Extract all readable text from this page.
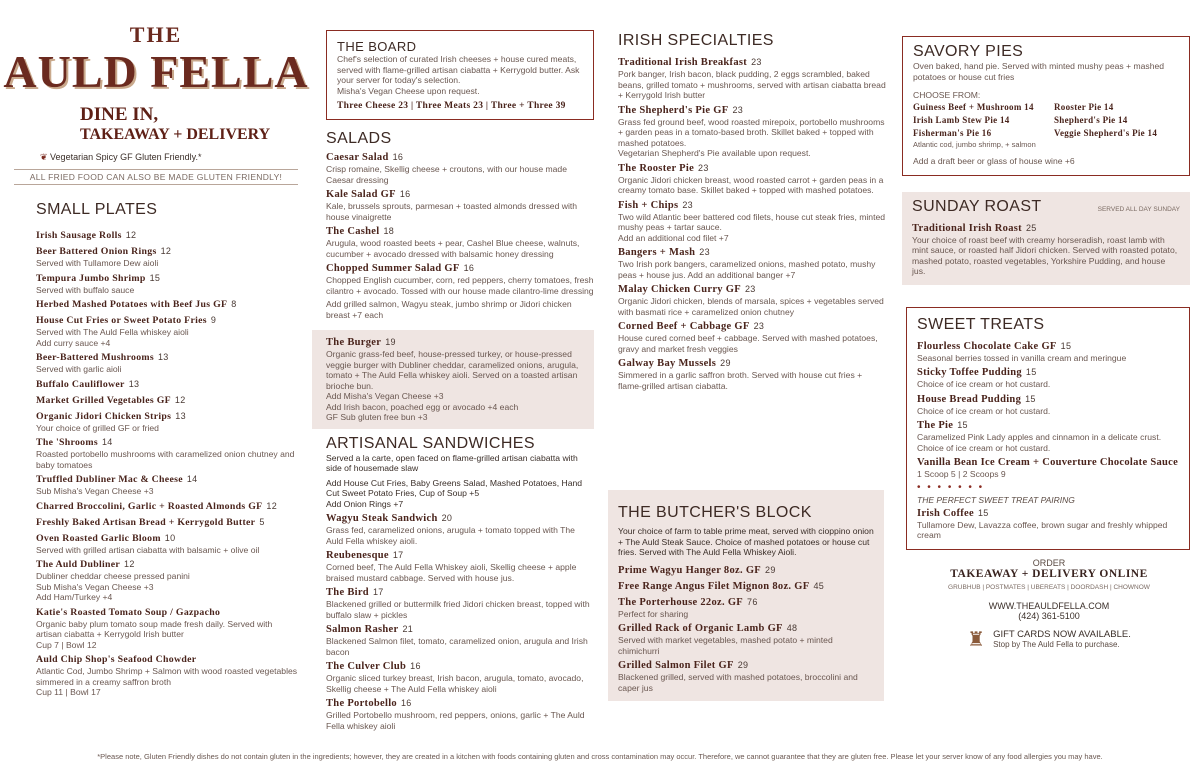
THE
AULD FELLA
DINE IN,
TAKEAWAY + DELIVERY
❦ Vegetarian Spicy GF Gluten Friendly.*
ALL FRIED FOOD CAN ALSO BE MADE GLUTEN FRIENDLY!
SMALL PLATES
Irish Sausage Rolls 12
Beer Battered Onion Rings 12
Served with Tullamore Dew aioli
Tempura Jumbo Shrimp 15
Served with buffalo sauce
Herbed Mashed Potatoes with Beef Jus GF 8
House Cut Fries or Sweet Potato Fries 9
Served with The Auld Fella whiskey aioli
Add curry sauce +4
Beer-Battered Mushrooms 13
Served with garlic aioli
Buffalo Cauliflower 13
Market Grilled Vegetables GF 12
Organic Jidori Chicken Strips 13
Your choice of grilled GF or fried
The 'Shrooms 14
Roasted portobello mushrooms with caramelized onion chutney and baby tomatoes
Truffled Dubliner Mac & Cheese 14
Sub Misha's Vegan Cheese +3
Charred Broccolini, Garlic + Roasted Almonds GF 12
Freshly Baked Artisan Bread + Kerrygold Butter 5
Oven Roasted Garlic Bloom 10
Served with grilled artisan ciabatta with balsamic + olive oil
The Auld Dubliner 12
Dubliner cheddar cheese pressed panini
Sub Misha's Vegan Cheese +3
Add Ham/Turkey +4
Katie's Roasted Tomato Soup / Gazpacho
Organic baby plum tomato soup made fresh daily. Served with artisan ciabatta + Kerrygold Irish butter
Cup 7 | Bowl 12
Auld Chip Shop's Seafood Chowder
Atlantic Cod, Jumbo Shrimp + Salmon with wood roasted vegetables simmered in a creamy saffron broth
Cup 11 | Bowl 17
THE BOARD
Chef's selection of curated Irish cheeses + house cured meats, served with flame-grilled artisan ciabatta + Kerrygold butter. Ask your server for today's selection.
Misha's Vegan Cheese upon request.
Three Cheese 23 | Three Meats 23 | Three + Three 39
SALADS
Caesar Salad 16
Crisp romaine, Skellig cheese + croutons, with our house made Caesar dressing
Kale Salad GF 16
Kale, brussels sprouts, parmesan + toasted almonds dressed with house vinaigrette
The Cashel 18
Arugula, wood roasted beets + pear, Cashel Blue cheese, walnuts, cucumber + avocado dressed with balsamic honey dressing
Chopped Summer Salad GF 16
Chopped English cucumber, corn, red peppers, cherry tomatoes, fresh cilantro + avocado. Tossed with our house made cilantro-lime dressing
Add grilled salmon, Wagyu steak, jumbo shrimp or Jidori chicken breast +7 each
The Burger 19
Organic grass-fed beef, house-pressed turkey, or house-pressed veggie burger with Dubliner cheddar, caramelized onions, arugula, tomato + The Auld Fella whiskey aioli. Served on a toasted artisan brioche bun.
Add Misha's Vegan Cheese +3
Add Irish bacon, poached egg or avocado +4 each
GF Sub gluten free bun +3
ARTISANAL SANDWICHES
Served a la carte, open faced on flame-grilled artisan ciabatta with side of housemade slaw
Add House Cut Fries, Baby Greens Salad, Mashed Potatoes, Hand Cut Sweet Potato Fries, Cup of Soup +5
Add Onion Rings +7
Wagyu Steak Sandwich 20
Grass fed, caramelized onions, arugula + tomato topped with The Auld Fella whiskey aioli.
Reubenesque 17
Corned beef, The Auld Fella Whiskey aioli, Skellig cheese + apple braised mustard cabbage. Served with house jus.
The Bird 17
Blackened grilled or buttermilk fried Jidori chicken breast, topped with buffalo slaw + pickles
Salmon Rasher 21
Blackened Salmon filet, tomato, caramelized onion, arugula and Irish bacon
The Culver Club 16
Organic sliced turkey breast, Irish bacon, arugula, tomato, avocado, Skellig cheese + The Auld Fella whiskey aioli
The Portobello 16
Grilled Portobello mushroom, red peppers, onions, garlic + The Auld Fella whiskey aioli
IRISH SPECIALTIES
Traditional Irish Breakfast 23
Pork banger, Irish bacon, black pudding, 2 eggs scrambled, baked beans, grilled tomato + mushrooms, served with artisan ciabatta bread + Kerrygold Irish butter
The Shepherd's Pie GF 23
Grass fed ground beef, wood roasted mirepoix, portobello mushrooms + garden peas in a tomato-based broth. Skillet baked + topped with mashed potatoes.
Vegetarian Shepherd's Pie available upon request.
The Rooster Pie 23
Organic Jidori chicken breast, wood roasted carrot + garden peas in a creamy tomato base. Skillet baked + topped with mashed potatoes.
Fish + Chips 23
Two wild Atlantic beer battered cod filets, house cut steak fries, minted mushy peas + tartar sauce.
Add an additional cod filet +7
Bangers + Mash 23
Two Irish pork bangers, caramelized onions, mashed potato, mushy peas + house jus. Add an additional banger +7
Malay Chicken Curry GF 23
Organic Jidori chicken, blends of marsala, spices + vegetables served with basmati rice + caramelized onion chutney
Corned Beef + Cabbage GF 23
House cured corned beef + cabbage. Served with mashed potatoes, gravy and market fresh veggies
Galway Bay Mussels 29
Simmered in a garlic saffron broth. Served with house cut fries + flame-grilled artisan ciabatta.
THE BUTCHER'S BLOCK
Your choice of farm to table prime meat, served with cioppino onion + The Auld Steak Sauce. Choice of mashed potatoes or house cut fries. Served with The Auld Fella Whiskey Aioli.
Prime Wagyu Hanger 8oz. GF 29
Free Range Angus Filet Mignon 8oz. GF 45
The Porterhouse 22oz. GF 76
Perfect for sharing
Grilled Rack of Organic Lamb GF 48
Served with market vegetables, mashed potato + minted chimichurri
Grilled Salmon Filet GF 29
Blackened grilled, served with mashed potatoes, broccolini and caper jus
SAVORY PIES
Oven baked, hand pie. Served with minted mushy peas + mashed potatoes or house cut fries
CHOOSE FROM:
Guiness Beef + Mushroom 14
Irish Lamb Stew Pie 14
Fisherman's Pie 16
Atlantic cod, jumbo shrimp, + salmon
Rooster Pie 14
Shepherd's Pie 14
Veggie Shepherd's Pie 14
Add a draft beer or glass of house wine +6
SUNDAY ROAST	SERVED ALL DAY SUNDAY
Traditional Irish Roast 25
Your choice of roast beef with creamy horseradish, roast lamb with mint sauce, or roasted half Jidori chicken. Served with roasted potato, mashed potato, roasted vegetables, Yorkshire Pudding, and house jus.
SWEET TREATS
Flourless Chocolate Cake GF 15
Seasonal berries tossed in vanilla cream and meringue
Sticky Toffee Pudding 15
Choice of ice cream or hot custard.
House Bread Pudding 15
Choice of ice cream or hot custard.
The Pie 15
Caramelized Pink Lady apples and cinnamon in a delicate crust. Choice of ice cream or hot custard.
Vanilla Bean Ice Cream + Couverture Chocolate Sauce
1 Scoop 5 | 2 Scoops 9
• • • • • • •
THE PERFECT SWEET TREAT PAIRING
Irish Coffee 15
Tullamore Dew, Lavazza coffee, brown sugar and freshly whipped cream
ORDER
TAKEAWAY + DELIVERY ONLINE
GRUBHUB | POSTMATES | UBEREATS | DOORDASH | CHOWNOW
WWW.THEAULDFELLA.COM
(424) 361-5100
♜ GIFT CARDS NOW AVAILABLE.
Stop by The Auld Fella to purchase.
*Please note, Gluten Friendly dishes do not contain gluten in the ingredients; however, they are created in a kitchen with foods containing gluten and cross contamination may occur. Therefore, we cannot guarantee that they are gluten free. Please let your server know of any food allergies you may have.
